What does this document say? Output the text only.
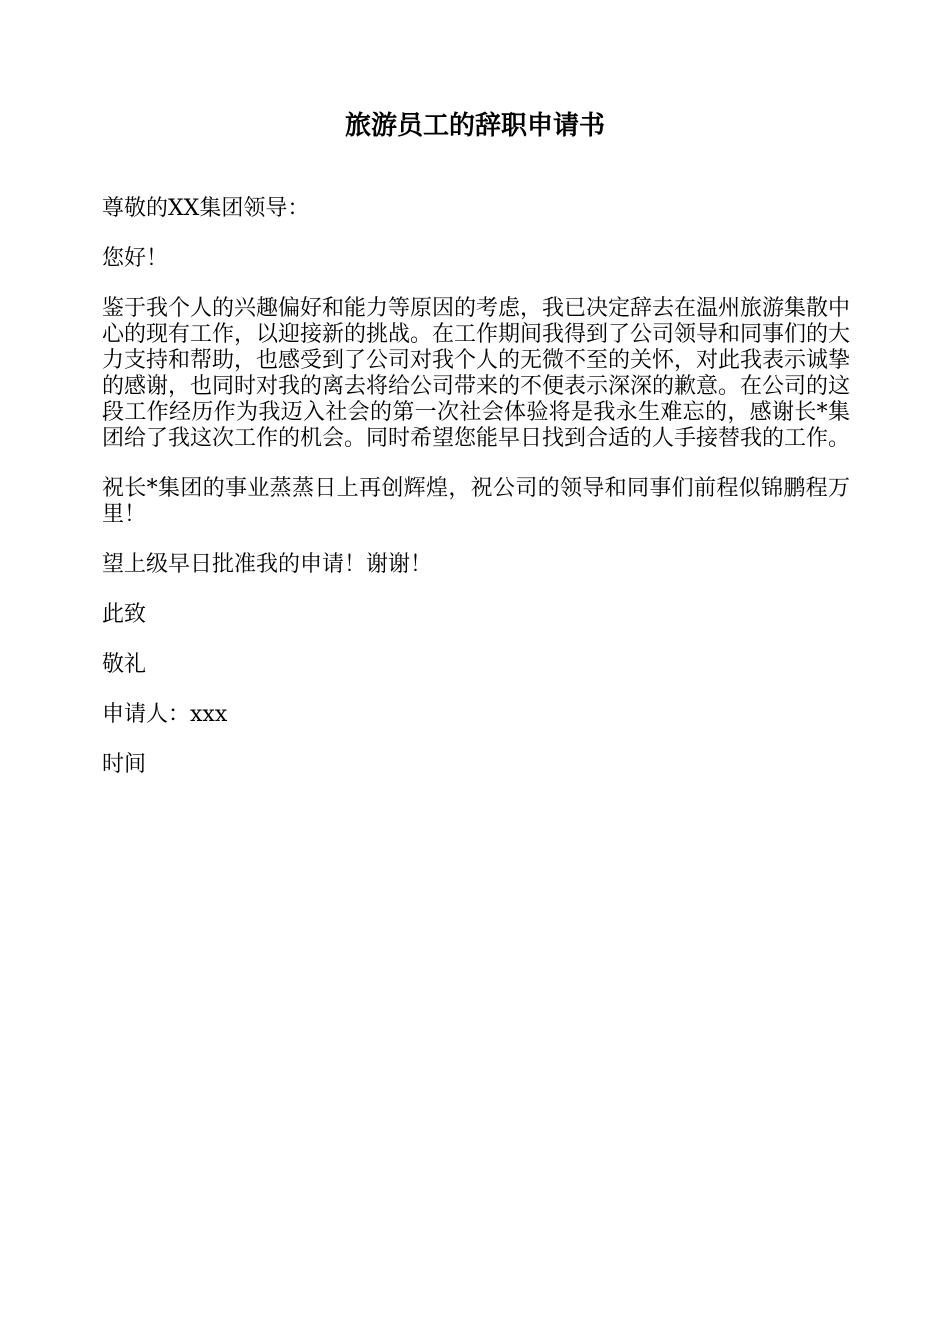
旅游员工的辞职申请书

尊敬的XX集团领导：

您好！

鉴于我个人的兴趣偏好和能力等原因的考虑，我已决定辞去在温州旅游集散中心的现有工作，以迎接新的挑战。在工作期间我得到了公司领导和同事们的大力支持和帮助，也感受到了公司对我个人的无微不至的关怀，对此我表示诚挚的感谢，也同时对我的离去将给公司带来的不便表示深深的歉意。在公司的这段工作经历作为我迈入社会的第一次社会体验将是我永生难忘的，感谢长*集团给了我这次工作的机会。同时希望您能早日找到合适的人手接替我的工作。

祝长*集团的事业蒸蒸日上再创辉煌，祝公司的领导和同事们前程似锦鹏程万里！

望上级早日批准我的申请！谢谢！

此致

敬礼

申请人：xxx

时间
